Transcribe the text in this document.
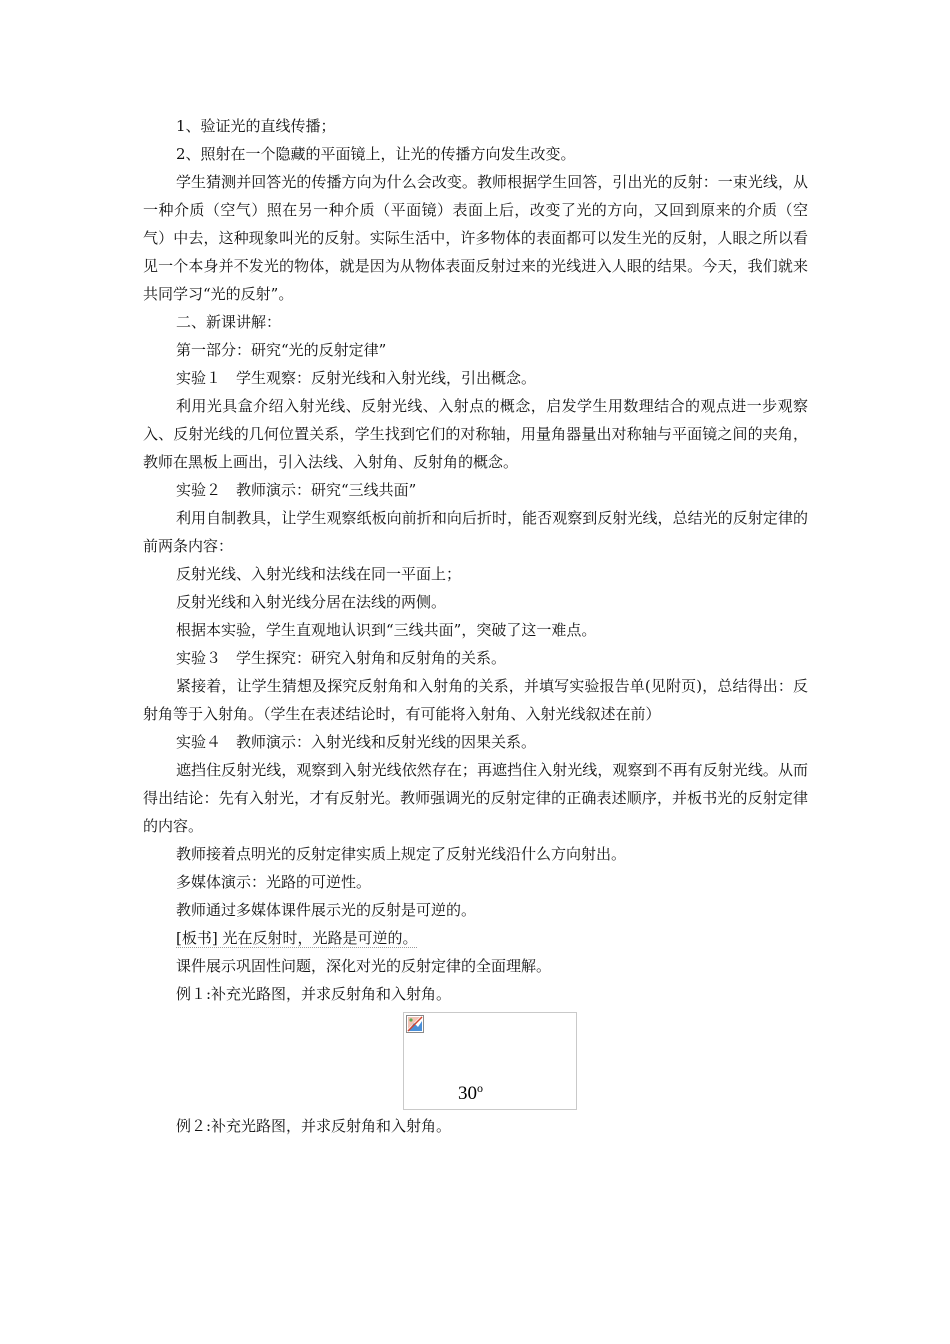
1、验证光的直线传播；

2、照射在一个隐藏的平面镜上，让光的传播方向发生改变。

学生猜测并回答光的传播方向为什么会改变。教师根据学生回答，引出光的反射：一束光线，从一种介质（空气）照在另一种介质（平面镜）表面上后，改变了光的方向，又回到原来的介质（空气）中去，这种现象叫光的反射。实际生活中，许多物体的表面都可以发生光的反射，人眼之所以看见一个本身并不发光的物体，就是因为从物体表面反射过来的光线进入人眼的结果。今天，我们就来共同学习“光的反射”。

二、新课讲解：

第一部分：研究“光的反射定律”

实验１　学生观察：反射光线和入射光线，引出概念。

利用光具盒介绍入射光线、反射光线、入射点的概念，启发学生用数理结合的观点进一步观察入、反射光线的几何位置关系，学生找到它们的对称轴，用量角器量出对称轴与平面镜之间的夹角，教师在黑板上画出，引入法线、入射角、反射角的概念。

实验２　教师演示：研究“三线共面”

利用自制教具，让学生观察纸板向前折和向后折时，能否观察到反射光线，总结光的反射定律的前两条内容：

反射光线、入射光线和法线在同一平面上；

反射光线和入射光线分居在法线的两侧。

根据本实验，学生直观地认识到“三线共面”，突破了这一难点。

实验３　学生探究：研究入射角和反射角的关系。

紧接着，让学生猜想及探究反射角和入射角的关系，并填写实验报告单(见附页)，总结得出：反射角等于入射角。（学生在表述结论时，有可能将入射角、入射光线叙述在前）

实验４　教师演示：入射光线和反射光线的因果关系。

遮挡住反射光线，观察到入射光线依然存在；再遮挡住入射光线，观察到不再有反射光线。从而得出结论：先有入射光，才有反射光。教师强调光的反射定律的正确表述顺序，并板书光的反射定律的内容。

教师接着点明光的反射定律实质上规定了反射光线沿什么方向射出。

多媒体演示：光路的可逆性。

教师通过多媒体课件展示光的反射是可逆的。

[板书] 光在反射时，光路是可逆的。

课件展示巩固性问题，深化对光的反射定律的全面理解。

例１:补充光路图，并求反射角和入射角。

30$^o$

例２:补充光路图，并求反射角和入射角。
